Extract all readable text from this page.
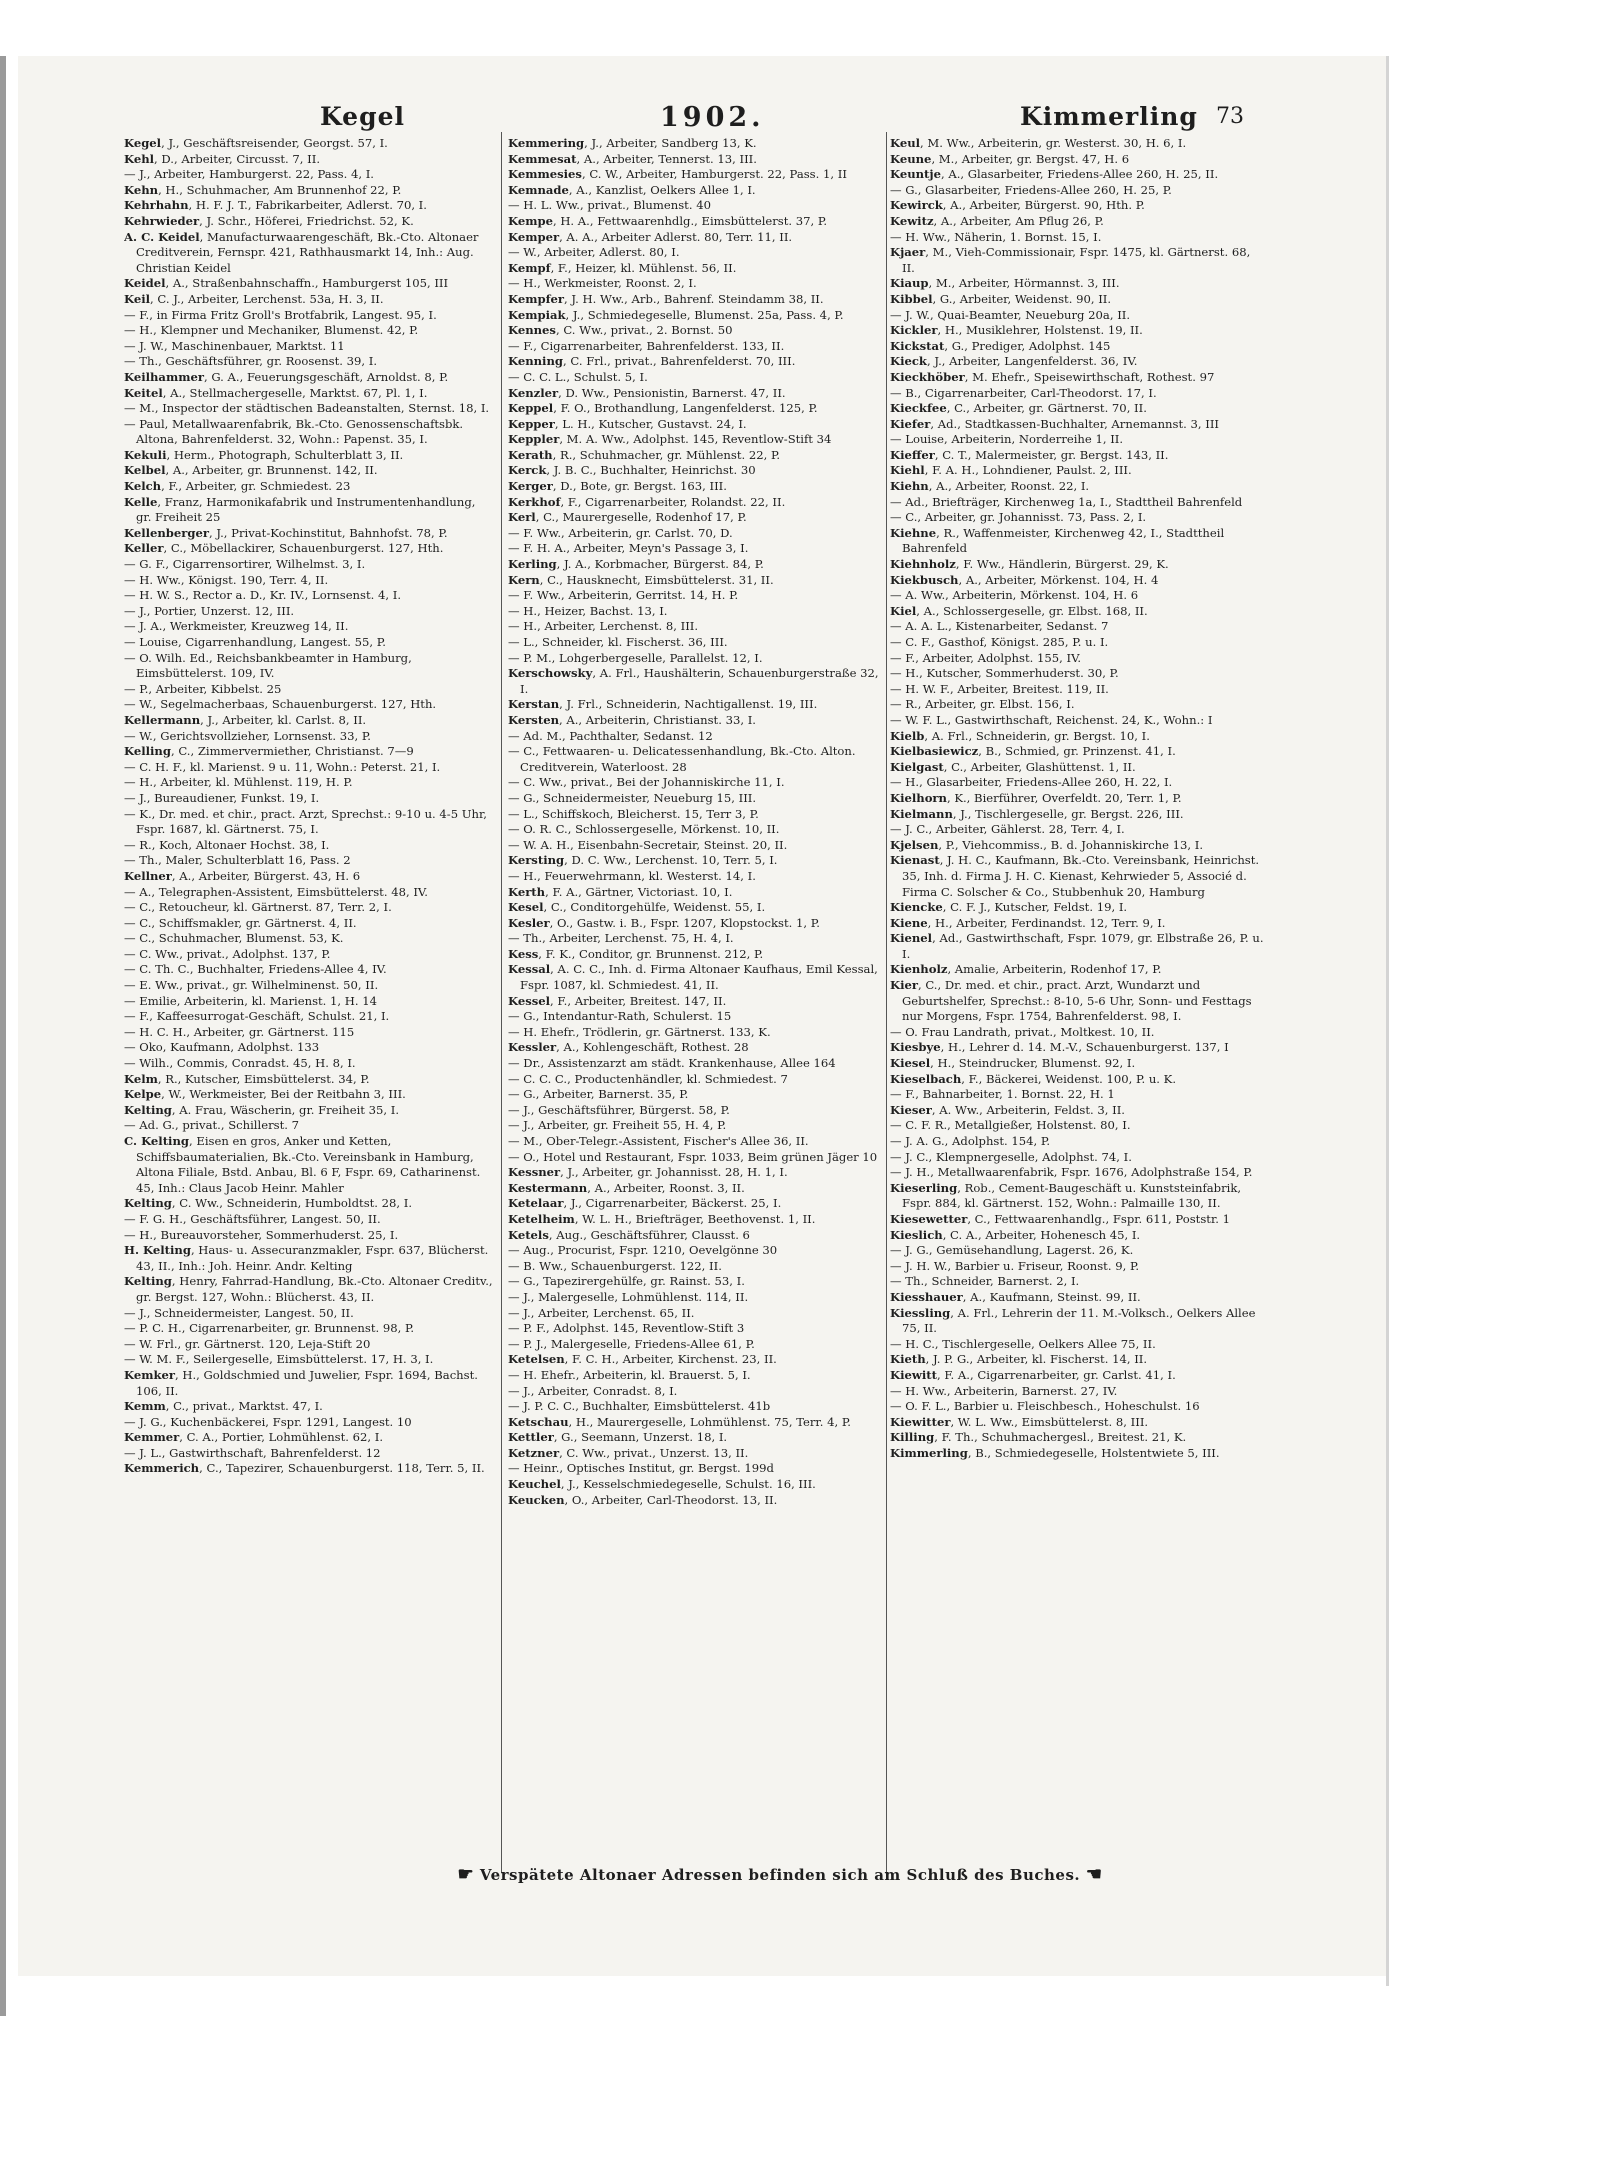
Kegel	1902.	Kimmerling 73
Kegel, J., Geschäftsreisender, Georgst. 57, I.
Kehl, D., Arbeiter, Circusst. 7, II.
— J., Arbeiter, Hamburgerst. 22, Pass. 4, I.
Kehn, H., Schuhmacher, Am Brunnenhof 22, P.
Kehrhahn, H. F. J. T., Fabrikarbeiter, Adlerst. 70, I.
Kehrwieder, J. Schr., Höferei, Friedrichst. 52, K.
A. C. Keidel, Manufacturwaarengeschäft, Bk.-Cto. Altonaer Creditverein, Fernspr. 421, Rathhausmarkt 14, Inh.: Aug. Christian Keidel
Keidel, A., Straßenbahnschaffn., Hamburgerst 105, III
Keil, C. J., Arbeiter, Lerchenst. 53a, H. 3, II.
— F., in Firma Fritz Groll's Brotfabrik, Langest. 95, I.
— H., Klempner und Mechaniker, Blumenst. 42, P.
— J. W., Maschinenbauer, Marktst. 11
— Th., Geschäftsführer, gr. Roosenst. 39, I.
Keilhammer, G. A., Feuerungsgeschäft, Arnoldst. 8, P.
Keitel, A., Stellmachergeselle, Marktst. 67, Pl. 1, I.
— M., Inspector der städtischen Badeanstalten, Sternst. 18, I.
— Paul, Metallwaarenfabrik, Bk.-Cto. Genossenschaftsbk. Altona, Bahrenfelderst. 32, Wohn.: Papenst. 35, I.
Kekuli, Herm., Photograph, Schulterblatt 3, II.
Kelbel, A., Arbeiter, gr. Brunnenst. 142, II.
Kelch, F., Arbeiter, gr. Schmiedest. 23
Kelle, Franz, Harmonikafabrik und Instrumentenhandlung, gr. Freiheit 25
Kellenberger, J., Privat-Kochinstitut, Bahnhofst. 78, P.
Keller, C., Möbellackirer, Schauenburgerst. 127, Hth.
— G. F., Cigarrensortirer, Wilhelmst. 3, I.
— H. Ww., Königst. 190, Terr. 4, II.
— H. W. S., Rector a. D., Kr. IV., Lornsenst. 4, I.
— J., Portier, Unzerst. 12, III.
— J. A., Werkmeister, Kreuzweg 14, II.
— Louise, Cigarrenhandlung, Langest. 55, P.
— O. Wilh. Ed., Reichsbankbeamter in Hamburg, Eimsbüttelerst. 109, IV.
— P., Arbeiter, Kibbelst. 25
— W., Segelmacherbaas, Schauenburgerst. 127, Hth.
Kellermann, J., Arbeiter, kl. Carlst. 8, II.
— W., Gerichtsvollzieher, Lornsenst. 33, P.
Kelling, C., Zimmervermiether, Christianst. 7—9
— C. H. F., kl. Marienst. 9 u. 11, Wohn.: Peterst. 21, I.
— H., Arbeiter, kl. Mühlenst. 119, H. P.
— J., Bureaudiener, Funkst. 19, I.
— K., Dr. med. et chir., pract. Arzt, Sprechst.: 9-10 u. 4-5 Uhr, Fspr. 1687, kl. Gärtnerst. 75, I.
— R., Koch, Altonaer Hochst. 38, I.
— Th., Maler, Schulterblatt 16, Pass. 2
Kellner, A., Arbeiter, Bürgerst. 43, H. 6
— A., Telegraphen-Assistent, Eimsbüttelerst. 48, IV.
— C., Retoucheur, kl. Gärtnerst. 87, Terr. 2, I.
— C., Schiffsmakler, gr. Gärtnerst. 4, II.
— C., Schuhmacher, Blumenst. 53, K.
— C. Ww., privat., Adolphst. 137, P.
— C. Th. C., Buchhalter, Friedens-Allee 4, IV.
— E. Ww., privat., gr. Wilhelminenst. 50, II.
— Emilie, Arbeiterin, kl. Marienst. 1, H. 14
— F., Kaffeesurrogat-Geschäft, Schulst. 21, I.
— H. C. H., Arbeiter, gr. Gärtnerst. 115
— Oko, Kaufmann, Adolphst. 133
— Wilh., Commis, Conradst. 45, H. 8, I.
Kelm, R., Kutscher, Eimsbüttelerst. 34, P.
Kelpe, W., Werkmeister, Bei der Reitbahn 3, III.
Kelting, A. Frau, Wäscherin, gr. Freiheit 35, I.
— Ad. G., privat., Schillerst. 7
C. Kelting, Eisen en gros, Anker und Ketten, Schiffsbaumaterialien, Bk.-Cto. Vereinsbank in Hamburg, Altona Filiale, Bstd. Anbau, Bl. 6 F, Fspr. 69, Catharinenst. 45, Inh.: Claus Jacob Heinr. Mahler
Kelting, C. Ww., Schneiderin, Humboldtst. 28, I.
— F. G. H., Geschäftsführer, Langest. 50, II.
— H., Bureauvorsteher, Sommerhuderst. 25, I.
H. Kelting, Haus- u. Assecuranzmakler, Fspr. 637, Blücherst. 43, II., Inh.: Joh. Heinr. Andr. Kelting
Kelting, Henry, Fahrrad-Handlung, Bk.-Cto. Altonaer Creditv., gr. Bergst. 127, Wohn.: Blücherst. 43, II.
— J., Schneidermeister, Langest. 50, II.
— P. C. H., Cigarrenarbeiter, gr. Brunnenst. 98, P.
— W. Frl., gr. Gärtnerst. 120, Leja-Stift 20
— W. M. F., Seilergeselle, Eimsbüttelerst. 17, H. 3, I.
Kemker, H., Goldschmied und Juwelier, Fspr. 1694, Bachst. 106, II.
Kemm, C., privat., Marktst. 47, I.
— J. G., Kuchenbäckerei, Fspr. 1291, Langest. 10
Kemmer, C. A., Portier, Lohmühlenst. 62, I.
— J. L., Gastwirthschaft, Bahrenfelderst. 12
Kemmerich, C., Tapezirer, Schauenburgerst. 118, Terr. 5, II.
Kemmering, J., Arbeiter, Sandberg 13, K.
Kemmesat, A., Arbeiter, Tennerst. 13, III.
Kemmesies, C. W., Arbeiter, Hamburgerst. 22, Pass. 1, II
Kemnade, A., Kanzlist, Oelkers Allee 1, I.
— H. L. Ww., privat., Blumenst. 40
Kempe, H. A., Fettwaarenhdlg., Eimsbüttelerst. 37, P.
Kemper, A. A., Arbeiter Adlerst. 80, Terr. 11, II.
— W., Arbeiter, Adlerst. 80, I.
Kempf, F., Heizer, kl. Mühlenst. 56, II.
— H., Werkmeister, Roonst. 2, I.
Kempfer, J. H. Ww., Arb., Bahrenf. Steindamm 38, II.
Kempiak, J., Schmiedegeselle, Blumenst. 25a, Pass. 4, P.
Kennes, C. Ww., privat., 2. Bornst. 50
— F., Cigarrenarbeiter, Bahrenfelderst. 133, II.
Kenning, C. Frl., privat., Bahrenfelderst. 70, III.
— C. C. L., Schulst. 5, I.
Kenzler, D. Ww., Pensionistin, Barnerst. 47, II.
Keppel, F. O., Brothandlung, Langenfelderst. 125, P.
Kepper, L. H., Kutscher, Gustavst. 24, I.
Keppler, M. A. Ww., Adolphst. 145, Reventlow-Stift 34
Kerath, R., Schuhmacher, gr. Mühlenst. 22, P.
Kerck, J. B. C., Buchhalter, Heinrichst. 30
Kerger, D., Bote, gr. Bergst. 163, III.
Kerkhof, F., Cigarrenarbeiter, Rolandst. 22, II.
Kerl, C., Maurergeselle, Rodenhof 17, P.
— F. Ww., Arbeiterin, gr. Carlst. 70, D.
— F. H. A., Arbeiter, Meyn's Passage 3, I.
Kerling, J. A., Korbmacher, Bürgerst. 84, P.
Kern, C., Hausknecht, Eimsbüttelerst. 31, II.
— F. Ww., Arbeiterin, Gerritst. 14, H. P.
— H., Heizer, Bachst. 13, I.
— H., Arbeiter, Lerchenst. 8, III.
— L., Schneider, kl. Fischerst. 36, III.
— P. M., Lohgerbergeselle, Parallelst. 12, I.
Kerschowsky, A. Frl., Haushälterin, Schauenburgerstraße 32, I.
Kerstan, J. Frl., Schneiderin, Nachtigallenst. 19, III.
Kersten, A., Arbeiterin, Christianst. 33, I.
— Ad. M., Pachthalter, Sedanst. 12
— C., Fettwaaren- u. Delicatessenhandlung, Bk.-Cto. Alton. Creditverein, Waterloost. 28
— C. Ww., privat., Bei der Johanniskirche 11, I.
— G., Schneidermeister, Neueburg 15, III.
— L., Schiffskoch, Bleicherst. 15, Terr 3, P.
— O. R. C., Schlossergeselle, Mörkenst. 10, II.
— W. A. H., Eisenbahn-Secretair, Steinst. 20, II.
Kersting, D. C. Ww., Lerchenst. 10, Terr. 5, I.
— H., Feuerwehrmann, kl. Westerst. 14, I.
Kerth, F. A., Gärtner, Victoriast. 10, I.
Kesel, C., Conditorgehülfe, Weidenst. 55, I.
Kesler, O., Gastw. i. B., Fspr. 1207, Klopstockst. 1, P.
— Th., Arbeiter, Lerchenst. 75, H. 4, I.
Kess, F. K., Conditor, gr. Brunnenst. 212, P.
Kessal, A. C. C., Inh. d. Firma Altonaer Kaufhaus, Emil Kessal, Fspr. 1087, kl. Schmiedest. 41, II.
Kessel, F., Arbeiter, Breitest. 147, II.
— G., Intendantur-Rath, Schulerst. 15
— H. Ehefr., Trödlerin, gr. Gärtnerst. 133, K.
Kessler, A., Kohlengeschäft, Rothest. 28
— Dr., Assistenzarzt am städt. Krankenhause, Allee 164
— C. C. C., Productenhändler, kl. Schmiedest. 7
— G., Arbeiter, Barnerst. 35, P.
— J., Geschäftsführer, Bürgerst. 58, P.
— J., Arbeiter, gr. Freiheit 55, H. 4, P.
— M., Ober-Telegr.-Assistent, Fischer's Allee 36, II.
— O., Hotel und Restaurant, Fspr. 1033, Beim grünen Jäger 10
Kessner, J., Arbeiter, gr. Johannisst. 28, H. 1, I.
Kestermann, A., Arbeiter, Roonst. 3, II.
Ketelaar, J., Cigarrenarbeiter, Bäckerst. 25, I.
Ketelheim, W. L. H., Briefträger, Beethovenst. 1, II.
Ketels, Aug., Geschäftsführer, Clausst. 6
— Aug., Procurist, Fspr. 1210, Oevelgönne 30
— B. Ww., Schauenburgerst. 122, II.
— G., Tapezirergehülfe, gr. Rainst. 53, I.
— J., Malergeselle, Lohmühlenst. 114, II.
— J., Arbeiter, Lerchenst. 65, II.
— P. F., Adolphst. 145, Reventlow-Stift 3
— P. J., Malergeselle, Friedens-Allee 61, P.
Ketelsen, F. C. H., Arbeiter, Kirchenst. 23, II.
— H. Ehefr., Arbeiterin, kl. Brauerst. 5, I.
— J., Arbeiter, Conradst. 8, I.
— J. P. C. C., Buchhalter, Eimsbüttelerst. 41b
Ketschau, H., Maurergeselle, Lohmühlenst. 75, Terr. 4, P.
Kettler, G., Seemann, Unzerst. 18, I.
Ketzner, C. Ww., privat., Unzerst. 13, II.
— Heinr., Optisches Institut, gr. Bergst. 199d
Keuchel, J., Kesselschmiedegeselle, Schulst. 16, III.
Keucken, O., Arbeiter, Carl-Theodorst. 13, II.
Keul, M. Ww., Arbeiterin, gr. Westerst. 30, H. 6, I.
Keune, M., Arbeiter, gr. Bergst. 47, H. 6
Keuntje, A., Glasarbeiter, Friedens-Allee 260, H. 25, II.
— G., Glasarbeiter, Friedens-Allee 260, H. 25, P.
Kewirck, A., Arbeiter, Bürgerst. 90, Hth. P.
Kewitz, A., Arbeiter, Am Pflug 26, P.
— H. Ww., Näherin, 1. Bornst. 15, I.
Kjaer, M., Vieh-Commissionair, Fspr. 1475, kl. Gärtnerst. 68, II.
Kiaup, M., Arbeiter, Hörmannst. 3, III.
Kibbel, G., Arbeiter, Weidenst. 90, II.
— J. W., Quai-Beamter, Neueburg 20a, II.
Kickler, H., Musiklehrer, Holstenst. 19, II.
Kickstat, G., Prediger, Adolphst. 145
Kieck, J., Arbeiter, Langenfelderst. 36, IV.
Kieckhöber, M. Ehefr., Speisewirthschaft, Rothest. 97
— B., Cigarrenarbeiter, Carl-Theodorst. 17, I.
Kieckfee, C., Arbeiter, gr. Gärtnerst. 70, II.
Kiefer, Ad., Stadtkassen-Buchhalter, Arnemannst. 3, III
— Louise, Arbeiterin, Norderreihe 1, II.
Kieffer, C. T., Malermeister, gr. Bergst. 143, II.
Kiehl, F. A. H., Lohndiener, Paulst. 2, III.
Kiehn, A., Arbeiter, Roonst. 22, I.
— Ad., Briefträger, Kirchenweg 1a, I., Stadttheil Bahrenfeld
— C., Arbeiter, gr. Johannisst. 73, Pass. 2, I.
Kiehne, R., Waffenmeister, Kirchenweg 42, I., Stadttheil Bahrenfeld
Kiehnholz, F. Ww., Händlerin, Bürgerst. 29, K.
Kiekbusch, A., Arbeiter, Mörkenst. 104, H. 4
— A. Ww., Arbeiterin, Mörkenst. 104, H. 6
Kiel, A., Schlossergeselle, gr. Elbst. 168, II.
— A. A. L., Kistenarbeiter, Sedanst. 7
— C. F., Gasthof, Königst. 285, P. u. I.
— F., Arbeiter, Adolphst. 155, IV.
— H., Kutscher, Sommerhuderst. 30, P.
— H. W. F., Arbeiter, Breitest. 119, II.
— R., Arbeiter, gr. Elbst. 156, I.
— W. F. L., Gastwirthschaft, Reichenst. 24, K., Wohn.: I
Kielb, A. Frl., Schneiderin, gr. Bergst. 10, I.
Kielbasiewicz, B., Schmied, gr. Prinzenst. 41, I.
Kielgast, C., Arbeiter, Glashüttenst. 1, II.
— H., Glasarbeiter, Friedens-Allee 260, H. 22, I.
Kielhorn, K., Bierführer, Overfeldt. 20, Terr. 1, P.
Kielmann, J., Tischlergeselle, gr. Bergst. 226, III.
— J. C., Arbeiter, Gählerst. 28, Terr. 4, I.
Kjelsen, P., Viehcommiss., B. d. Johanniskirche 13, I.
Kienast, J. H. C., Kaufmann, Bk.-Cto. Vereinsbank, Heinrichst. 35, Inh. d. Firma J. H. C. Kienast, Kehrwieder 5, Associé d. Firma C. Solscher & Co., Stubbenhuk 20, Hamburg
Kiencke, C. F. J., Kutscher, Feldst. 19, I.
Kiene, H., Arbeiter, Ferdinandst. 12, Terr. 9, I.
Kienel, Ad., Gastwirthschaft, Fspr. 1079, gr. Elbstraße 26, P. u. I.
Kienholz, Amalie, Arbeiterin, Rodenhof 17, P.
Kier, C., Dr. med. et chir., pract. Arzt, Wundarzt und Geburtshelfer, Sprechst.: 8-10, 5-6 Uhr, Sonn- und Festtags nur Morgens, Fspr. 1754, Bahrenfelderst. 98, I.
— O. Frau Landrath, privat., Moltkest. 10, II.
Kiesbye, H., Lehrer d. 14. M.-V., Schauenburgerst. 137, I
Kiesel, H., Steindrucker, Blumenst. 92, I.
Kieselbach, F., Bäckerei, Weidenst. 100, P. u. K.
— F., Bahnarbeiter, 1. Bornst. 22, H. 1
Kieser, A. Ww., Arbeiterin, Feldst. 3, II.
— C. F. R., Metallgießer, Holstenst. 80, I.
— J. A. G., Adolphst. 154, P.
— J. C., Klempnergeselle, Adolphst. 74, I.
— J. H., Metallwaarenfabrik, Fspr. 1676, Adolphstraße 154, P.
Kieserling, Rob., Cement-Baugeschäft u. Kunststeinfabrik, Fspr. 884, kl. Gärtnerst. 152, Wohn.: Palmaille 130, II.
Kiesewetter, C., Fettwaarenhandlg., Fspr. 611, Poststr. 1
Kieslich, C. A., Arbeiter, Hohenesch 45, I.
— J. G., Gemüsehandlung, Lagerst. 26, K.
— J. H. W., Barbier u. Friseur, Roonst. 9, P.
— Th., Schneider, Barnerst. 2, I.
Kiesshauer, A., Kaufmann, Steinst. 99, II.
Kiessling, A. Frl., Lehrerin der 11. M.-Volksch., Oelkers Allee 75, II.
— H. C., Tischlergeselle, Oelkers Allee 75, II.
Kieth, J. P. G., Arbeiter, kl. Fischerst. 14, II.
Kiewitt, F. A., Cigarrenarbeiter, gr. Carlst. 41, I.
— H. Ww., Arbeiterin, Barnerst. 27, IV.
— O. F. L., Barbier u. Fleischbesch., Hoheschulst. 16
Kiewitter, W. L. Ww., Eimsbüttelerst. 8, III.
Killing, F. Th., Schuhmachergesl., Breitest. 21, K.
Kimmerling, B., Schmiedegeselle, Holstentwiete 5, III.
☛ Verspätete Altonaer Adressen befinden sich am Schluß des Buches. ☚
